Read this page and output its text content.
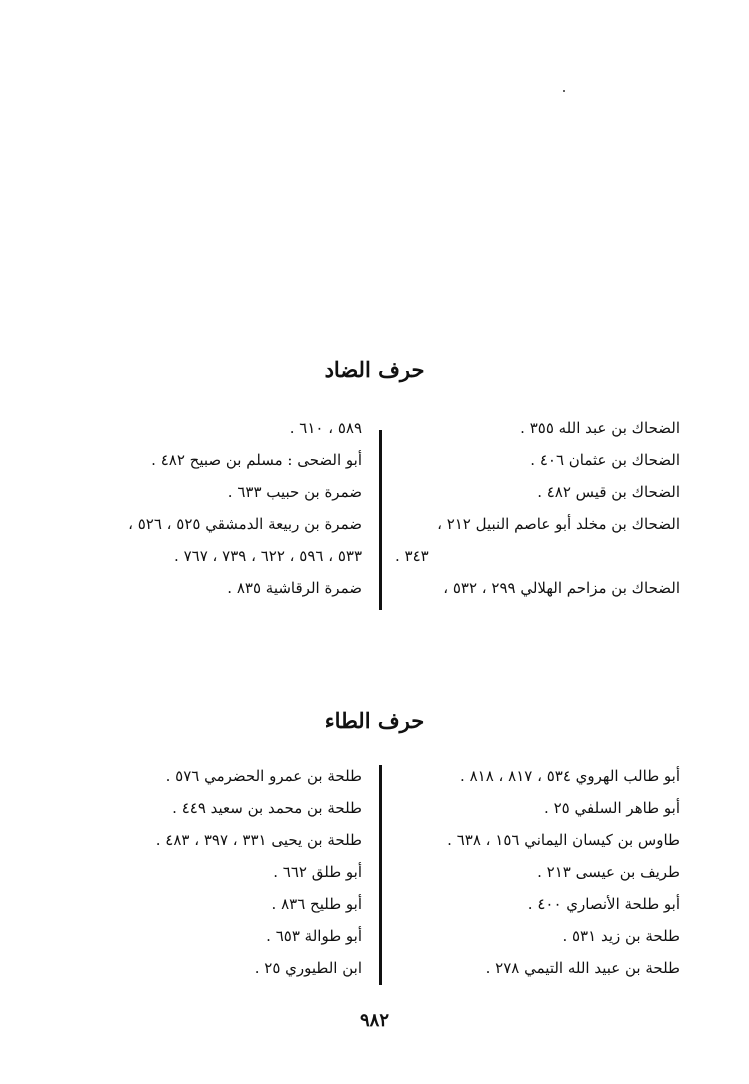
حرف الضاد
الضحاك بن عبد الله ٣٥٥ .
الضحاك بن عثمان ٤٠٦ .
الضحاك بن قيس ٤٨٢ .
الضحاك بن مخلد أبو عاصم النبيل ٢١٢ ،
٣٤٣ .
الضحاك بن مزاحم الهلالي ٢٩٩ ، ٥٣٢ ،
٥٨٩ ، ٦١٠ .
أبو الضحى : مسلم بن صبيح ٤٨٢ .
ضمرة بن حبيب ٦٣٣ .
ضمرة بن ربيعة الدمشقي ٥٢٥ ، ٥٢٦ ،
٥٣٣ ، ٥٩٦ ، ٦٢٢ ، ٧٣٩ ، ٧٦٧ .
ضمرة الرقاشية ٨٣٥ .
حرف الطاء
أبو طالب الهروي ٥٣٤ ، ٨١٧ ، ٨١٨ .
أبو طاهر السلفي ٢٥ .
طاوس بن كيسان اليماني ١٥٦ ، ٦٣٨ .
طريف بن عيسى ٢١٣ .
أبو طلحة الأنصاري ٤٠٠ .
طلحة بن زيد ٥٣١ .
طلحة بن عبيد الله التيمي ٢٧٨ .
طلحة بن عمرو الحضرمي ٥٧٦ .
طلحة بن محمد بن سعيد ٤٤٩ .
طلحة بن يحيى ٣٣١ ، ٣٩٧ ، ٤٨٣ .
أبو طلق ٦٦٢ .
أبو طليح ٨٣٦ .
أبو طوالة ٦٥٣ .
ابن الطيوري ٢٥ .
٩٨٢
